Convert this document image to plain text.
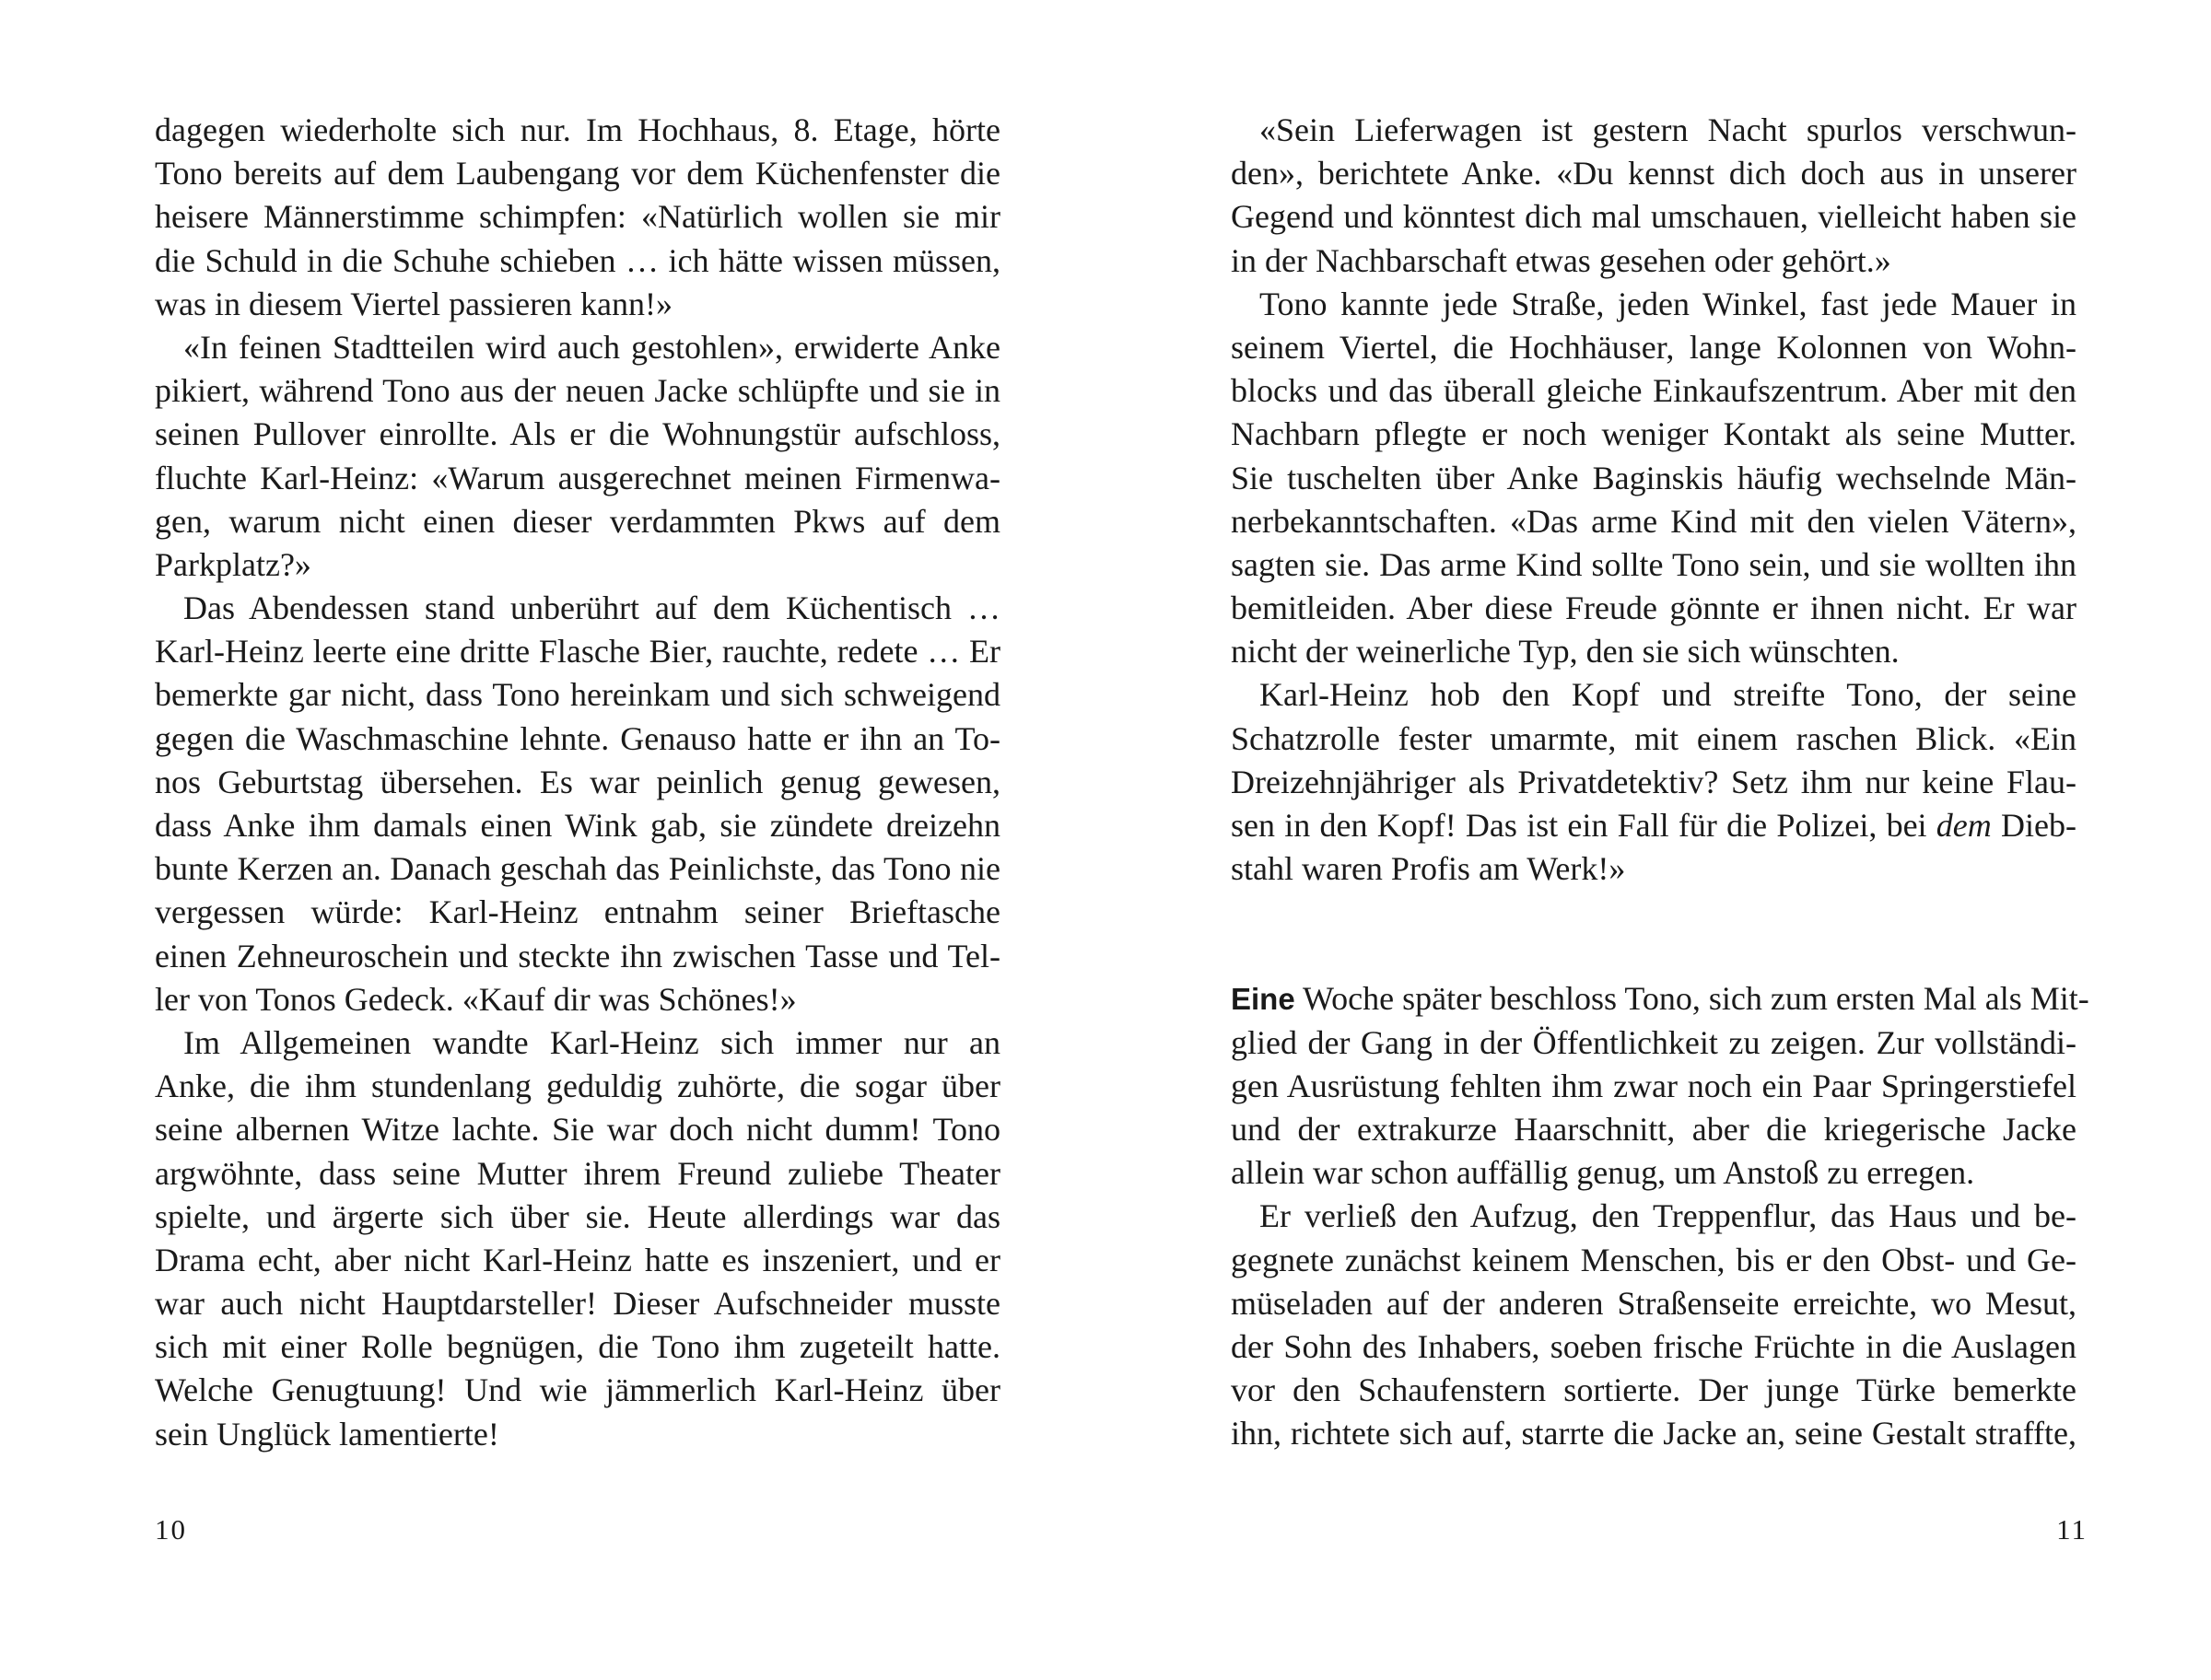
dagegen wiederholte sich nur. Im Hochhaus, 8. Etage, hörte
Tono bereits auf dem Laubengang vor dem Küchenfenster die
heisere Männerstimme schimpfen: «Natürlich wollen sie mir
die Schuld in die Schuhe schieben … ich hätte wissen müssen,
was in diesem Viertel passieren kann!»
«In feinen Stadtteilen wird auch gestohlen», erwiderte Anke
pikiert, während Tono aus der neuen Jacke schlüpfte und sie in
seinen Pullover einrollte. Als er die Wohnungstür aufschloss,
fluchte Karl-Heinz: «Warum ausgerechnet meinen Firmenwa-
gen, warum nicht einen dieser verdammten Pkws auf dem
Parkplatz?»
Das Abendessen stand unberührt auf dem Küchentisch …
Karl-Heinz leerte eine dritte Flasche Bier, rauchte, redete … Er
bemerkte gar nicht, dass Tono hereinkam und sich schweigend
gegen die Waschmaschine lehnte. Genauso hatte er ihn an To-
nos Geburtstag übersehen. Es war peinlich genug gewesen,
dass Anke ihm damals einen Wink gab, sie zündete dreizehn
bunte Kerzen an. Danach geschah das Peinlichste, das Tono nie
vergessen würde: Karl-Heinz entnahm seiner Brieftasche
einen Zehneuroschein und steckte ihn zwischen Tasse und Tel-
ler von Tonos Gedeck. «Kauf dir was Schönes!»
Im Allgemeinen wandte Karl-Heinz sich immer nur an
Anke, die ihm stundenlang geduldig zuhörte, die sogar über
seine albernen Witze lachte. Sie war doch nicht dumm! Tono
argwöhnte, dass seine Mutter ihrem Freund zuliebe Theater
spielte, und ärgerte sich über sie. Heute allerdings war das
Drama echt, aber nicht Karl-Heinz hatte es inszeniert, und er
war auch nicht Hauptdarsteller! Dieser Aufschneider musste
sich mit einer Rolle begnügen, die Tono ihm zugeteilt hatte.
Welche Genugtuung! Und wie jämmerlich Karl-Heinz über
sein Unglück lamentierte!
10
«Sein Lieferwagen ist gestern Nacht spurlos verschwun-
den», berichtete Anke. «Du kennst dich doch aus in unserer
Gegend und könntest dich mal umschauen, vielleicht haben sie
in der Nachbarschaft etwas gesehen oder gehört.»
Tono kannte jede Straße, jeden Winkel, fast jede Mauer in
seinem Viertel, die Hochhäuser, lange Kolonnen von Wohn-
blocks und das überall gleiche Einkaufszentrum. Aber mit den
Nachbarn pflegte er noch weniger Kontakt als seine Mutter.
Sie tuschelten über Anke Baginskis häufig wechselnde Män-
nerbekanntschaften. «Das arme Kind mit den vielen Vätern»,
sagten sie. Das arme Kind sollte Tono sein, und sie wollten ihn
bemitleiden. Aber diese Freude gönnte er ihnen nicht. Er war
nicht der weinerliche Typ, den sie sich wünschten.
Karl-Heinz hob den Kopf und streifte Tono, der seine
Schatzrolle fester umarmte, mit einem raschen Blick. «Ein
Dreizehnjähriger als Privatdetektiv? Setz ihm nur keine Flau-
sen in den Kopf! Das ist ein Fall für die Polizei, bei dem Dieb-
stahl waren Profis am Werk!»
Eine Woche später beschloss Tono, sich zum ersten Mal als Mit-
glied der Gang in der Öffentlichkeit zu zeigen. Zur vollständi-
gen Ausrüstung fehlten ihm zwar noch ein Paar Springerstiefel
und der extrakurze Haarschnitt, aber die kriegerische Jacke
allein war schon auffällig genug, um Anstoß zu erregen.
Er verließ den Aufzug, den Treppenflur, das Haus und be-
gegnete zunächst keinem Menschen, bis er den Obst- und Ge-
müseladen auf der anderen Straßenseite erreichte, wo Mesut,
der Sohn des Inhabers, soeben frische Früchte in die Auslagen
vor den Schaufenstern sortierte. Der junge Türke bemerkte
ihn, richtete sich auf, starrte die Jacke an, seine Gestalt straffte,
11
